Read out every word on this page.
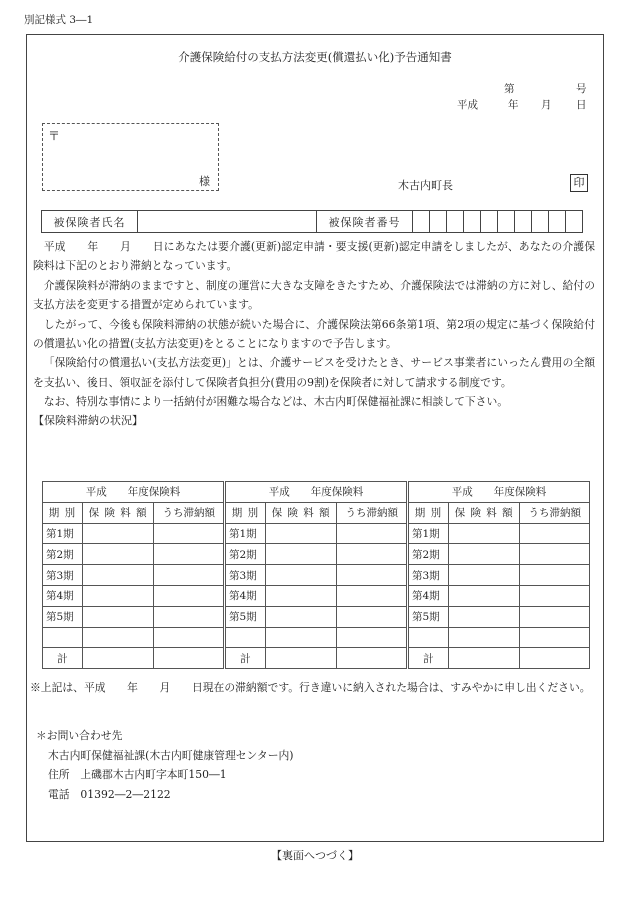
別記様式 3―1
介護保険給付の支払方法変更(償還払い化)予告通知書
第	号
平成	年 月 日
〒
様	木古内町長	印
被保険者氏名		被保険者番号										

平成　　年　　月　　日にあなたは要介護(更新)認定申請・要支援(更新)認定申請をしましたが、あなたの介護保険料は下記のとおり滞納となっています。

介護保険料が滞納のままですと、制度の運営に大きな支障をきたすため、介護保険法では滞納の方に対し、給付の支払方法を変更する措置が定められています。

したがって、今後も保険料滞納の状態が続いた場合に、介護保険法第66条第1項、第2項の規定に基づく保険給付の償還払い化の措置(支払方法変更)をとることになりますので予告します。

「保険給付の償還払い(支払方法変更)」とは、介護サービスを受けたとき、サービス事業者にいったん費用の全額を支払い、後日、領収証を添付して保険者負担分(費用の9割)を保険者に対して請求する制度です。

なお、特別な事情により一括納付が困難な場合などは、木古内町保健福祉課に相談して下さい。

【保険料滞納の状況】
平成　　年度保険料		
期 別	保 険 料 額	うち滞納額
第1期		
第2期		
第3期		
第4期		
第5期		

計		
平成　　年度保険料		
期 別	保 険 料 額	うち滞納額
第1期		
第2期		
第3期		
第4期		
第5期		

計		
平成　　年度保険料		
期 別	保 険 料 額	うち滞納額
第1期		
第2期		
第3期		
第4期		
第5期		

計		
※上記は、平成　　年　　月　　日現在の滞納額です。行き違いに納入された場合は、すみやかに申し出ください。
＊お問い合わせ先
木古内町保健福祉課(木古内町健康管理センター内)
住所　上磯郡木古内町字本町150―1
電話　01392―2―2122
【裏面へつづく】
